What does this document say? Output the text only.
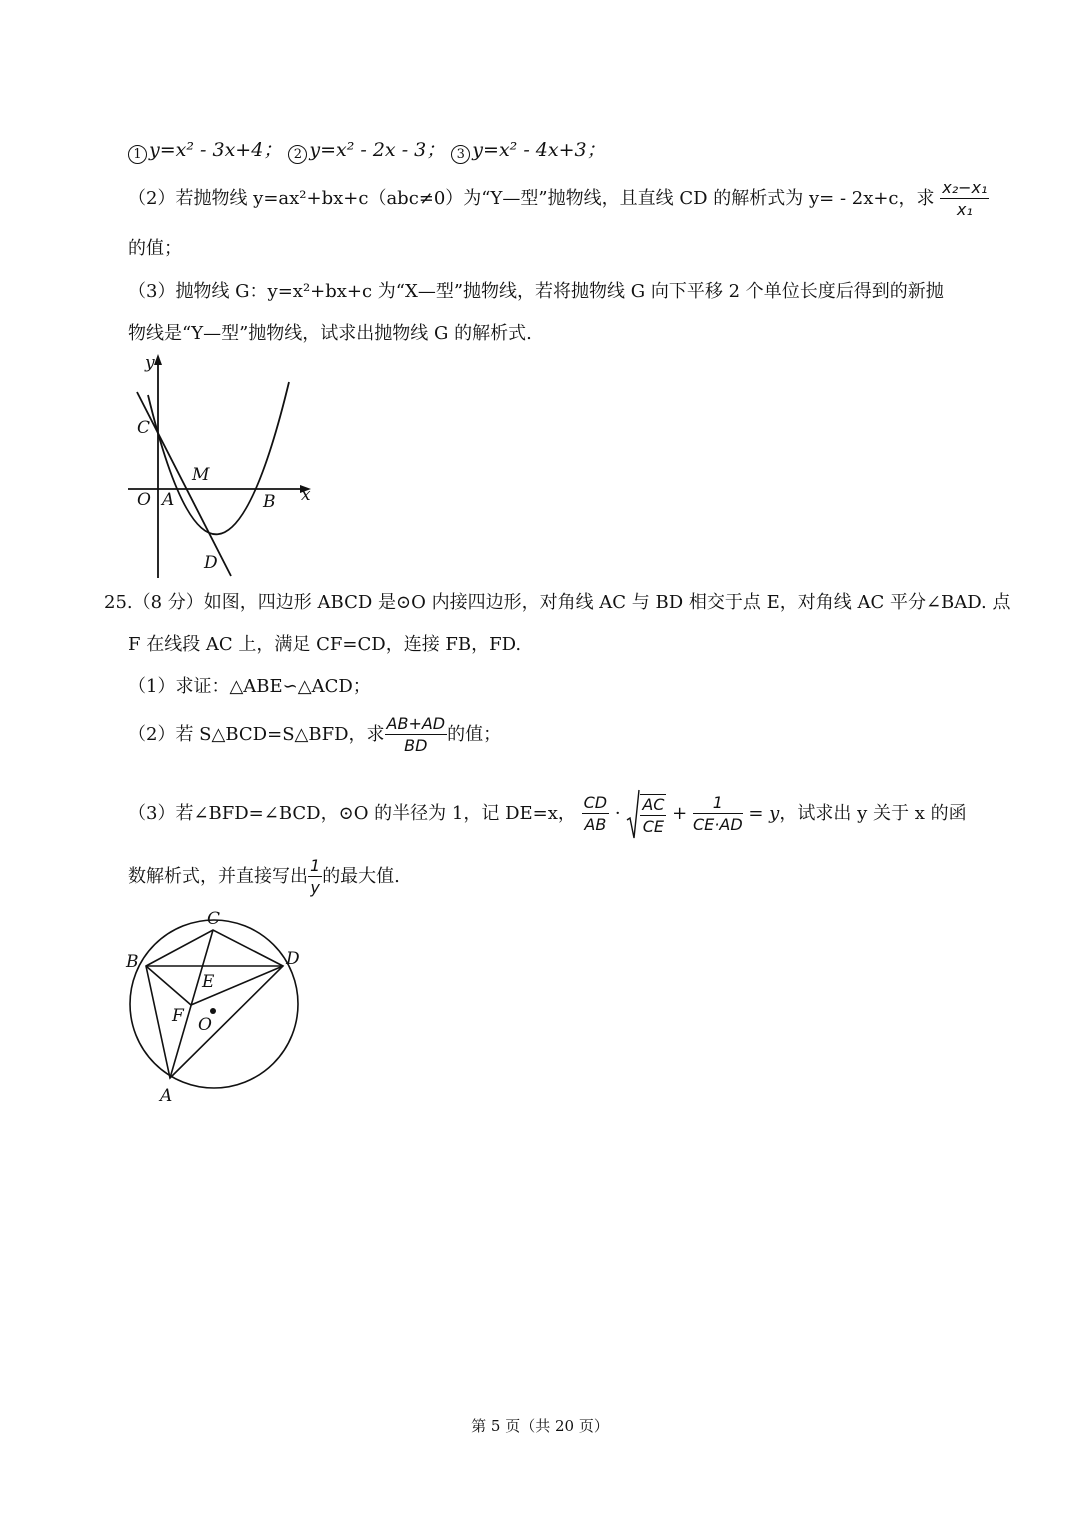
1 y=x² - 3x+4； 2 y=x² - 2x - 3； 3 y=x² - 4x+3；
（2）若抛物线 y=ax²+bx+c（abc≠0）为“Y—型”抛物线，且直线 CD 的解析式为 y= - 2x+c，求 $\frac{\text{x₂−x₁}}{\text{x₁}}$
的值；
（3）抛物线 G：y=x²+bx+c 为“X—型”抛物线，若将抛物线 G 向下平移 2 个单位长度后得到的新抛
物线是“Y—型”抛物线，试求出抛物线 G 的解析式.
y
x
C
M
O A	B
D
25.（8 分）如图，四边形 ABCD 是⊙O 内接四边形，对角线 AC 与 BD 相交于点 E，对角线 AC 平分∠BAD. 点
F 在线段 AC 上，满足 CF=CD，连接 FB，FD.
（1）求证：△ABE∽△ACD；
（2）若 S△BCD=S△BFD，求 $\frac{AB+AD}{BD}$ 的值；
（3）若∠BFD=∠BCD，⊙O 的半径为 1，记 DE=x， $\frac{CD}{AB} \cdot \frac{AC}{CE} + \frac{1}{CE\cdot AD} = y$，试求出 y 关于 x 的函
数解析式，并直接写出 $\frac{1}{y}$ 的最大值.
C
B	D
E
F O
A
第 5 页（共 20 页）
